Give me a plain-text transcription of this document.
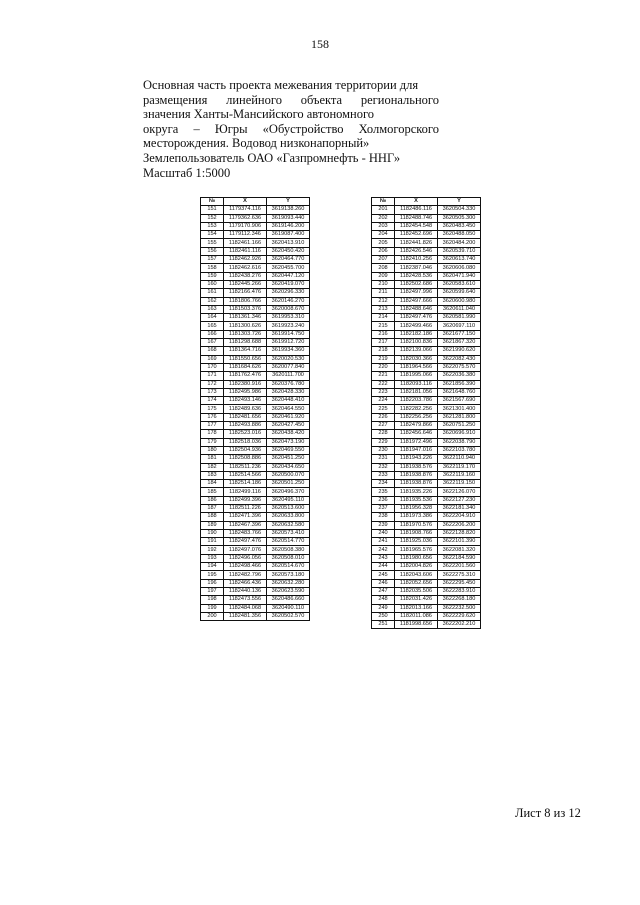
158
Основная часть проекта межевания территории для
размещения линейного объекта регионального
значения Ханты-Мансийского автономного
округа – Югры «Обустройство Холмогорского
месторождения. Водовод низконапорный»
Землепользователь ОАО «Газпромнефть - ННГ»
Масштаб 1:5000
№	X	Y
151	1179374.116	3619138.260
152	1179362.636	3619093.440
153	1179170.906	3619146.200
154	1179112.346	3619087.400
155	1182461.166	3620413.910
156	1182461.116	3620450.420
157	1182462.926	3620464.770
158	1182462.616	3620455.700
159	1182438.276	3620447.120
160	1182445.266	3620419.070
161	1182166.476	3620296.330
162	1181806.766	3620146.270
163	1181503.376	3620008.670
164	1181361.346	3619953.310
165	1181300.626	3619923.240
166	1181303.726	3619914.750
167	1181298.688	3619912.720
168	1181364.716	3619934.360
169	1181550.656	3620020.530
170	1181684.626	3620077.840
171	1181762.476	3620111.700
172	1182380.916	3620376.780
173	1182495.986	3620428.330
174	1182493.146	3620448.410
175	1182489.636	3620464.550
176	1182481.656	3620461.920
177	1182493.886	3620427.450
178	1182523.016	3620438.420
179	1182518.036	3620473.190
180	1182504.936	3620469.550
181	1182508.886	3620451.250
182	1182511.236	3620434.650
183	1182514.566	3620500.070
184	1182514.186	3620501.250
185	1182499.116	3620496.370
186	1182499.396	3620495.110
187	1182511.226	3620513.600
188	1182471.396	3620633.800
189	1182467.396	3620632.580
190	1182483.766	3620573.410
191	1182497.476	3620514.770
192	1182497.076	3620508.380
193	1182496.056	3620508.010
194	1182498.466	3620514.670
195	1182482.796	3620573.180
196	1182466.436	3620632.280
197	1182440.136	3620623.590
198	1182473.556	3620486.660
199	1182484.068	3620490.110
200	1182481.356	3620502.570
№	X	Y
201	1182486.116	3620504.330
202	1182488.746	3620505.300
203	1182454.548	3620483.450
204	1182452.696	3620488.050
205	1182441.826	3620484.200
206	1182426.546	3620539.710
207	1182410.256	3620613.740
208	1182387.046	3620606.080
209	1182428.536	3620471.940
210	1182502.686	3620583.610
211	1182497.996	3620599.640
212	1182497.666	3620600.980
213	1182488.646	3620611.040
214	1182497.476	3620581.990
215	1182499.466	3620697.110
216	1182182.186	3621677.150
217	1182100.836	3621867.320
218	1182139.066	3621990.620
219	1182030.366	3622082.430
220	1181964.566	3622075.570
221	1181995.066	3622036.380
222	1182093.116	3621856.390
223	1182181.056	3621648.760
224	1182203.786	3621567.690
225	1182282.256	3621301.400
226	1182256.256	3621281.800
227	1182479.866	3620751.250
228	1182456.646	3620696.910
229	1181972.496	3622038.790
230	1181947.016	3622103.780
231	1181943.226	3622110.940
232	1181938.576	3622119.170
233	1181938.876	3622119.160
234	1181938.876	3622119.150
235	1181935.226	3622126.070
236	1181935.536	3622127.230
237	1181956.328	3622181.340
238	1181973.386	3622204.910
239	1181970.576	3622206.200
240	1181908.766	3622128.820
241	1181925.036	3622101.390
242	1181965.576	3622081.320
243	1181980.656	3622184.590
244	1182004.826	3622201.560
245	1182043.606	3622275.310
246	1182052.656	3622295.450
247	1182035.506	3622283.910
248	1182031.426	3622268.180
249	1182013.166	3622232.500
250	1182011.086	3622229.620
251	1181998.656	3622202.210
Лист 8 из 12
